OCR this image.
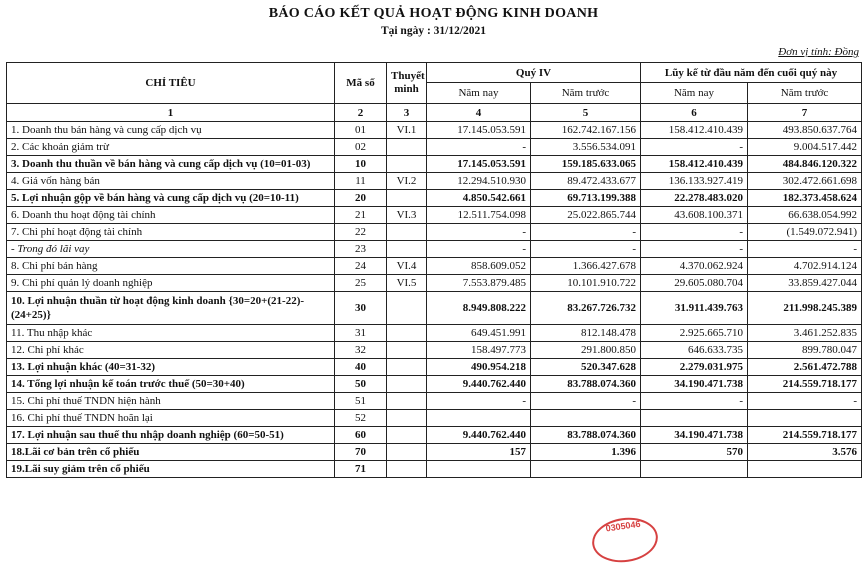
BÁO CÁO KẾT QUẢ HOẠT ĐỘNG KINH DOANH
Tại ngày : 31/12/2021
Đơn vị tính: Đồng
CHỈ TIÊU	Mã số	Thuyết minh	Quý IV		Lũy kế từ đầu năm đến cuối quý này	
			Năm nay	Năm trước	Năm nay	Năm trước
1	2	3	4	5	6	7
1. Doanh thu bán hàng và cung cấp dịch vụ	01	VI.1	17.145.053.591	162.742.167.156	158.412.410.439	493.850.637.764
2. Các khoản giảm trừ	02		-	3.556.534.091	-	9.004.517.442
3. Doanh thu thuần về bán hàng và cung cấp dịch vụ (10=01-03)	10		17.145.053.591	159.185.633.065	158.412.410.439	484.846.120.322
4. Giá vốn hàng bán	11	VI.2	12.294.510.930	89.472.433.677	136.133.927.419	302.472.661.698
5. Lợi nhuận gộp về bán hàng và cung cấp dịch vụ (20=10-11)	20		4.850.542.661	69.713.199.388	22.278.483.020	182.373.458.624
6. Doanh thu hoạt động tài chính	21	VI.3	12.511.754.098	25.022.865.744	43.608.100.371	66.638.054.992
7. Chi phí hoạt động tài chính	22		-	-	-	(1.549.072.941)
- Trong đó lãi vay	23		-	-	-	-
8. Chi phí bán hàng	24	VI.4	858.609.052	1.366.427.678	4.370.062.924	4.702.914.124
9. Chi phí quản lý doanh nghiệp	25	VI.5	7.553.879.485	10.101.910.722	29.605.080.704	33.859.427.044
10. Lợi nhuận thuần từ hoạt động kinh doanh {30=20+(21-22)-(24+25)}	30		8.949.808.222	83.267.726.732	31.911.439.763	211.998.245.389
11. Thu nhập khác	31		649.451.991	812.148.478	2.925.665.710	3.461.252.835
12. Chi phí khác	32		158.497.773	291.800.850	646.633.735	899.780.047
13. Lợi nhuận khác (40=31-32)	40		490.954.218	520.347.628	2.279.031.975	2.561.472.788
14. Tổng lợi nhuận kế toán trước thuế (50=30+40)	50		9.440.762.440	83.788.074.360	34.190.471.738	214.559.718.177
15. Chi phí thuế TNDN hiện hành	51		-	-	-	-
16. Chi phí thuế TNDN hoãn lại	52					
17. Lợi nhuận sau thuế thu nhập doanh nghiệp (60=50-51)	60		9.440.762.440	83.788.074.360	34.190.471.738	214.559.718.177
18.Lãi cơ bản trên cổ phiếu	70		157	1.396	570	3.576
19.Lãi suy giảm trên cổ phiếu	71					
0305046
